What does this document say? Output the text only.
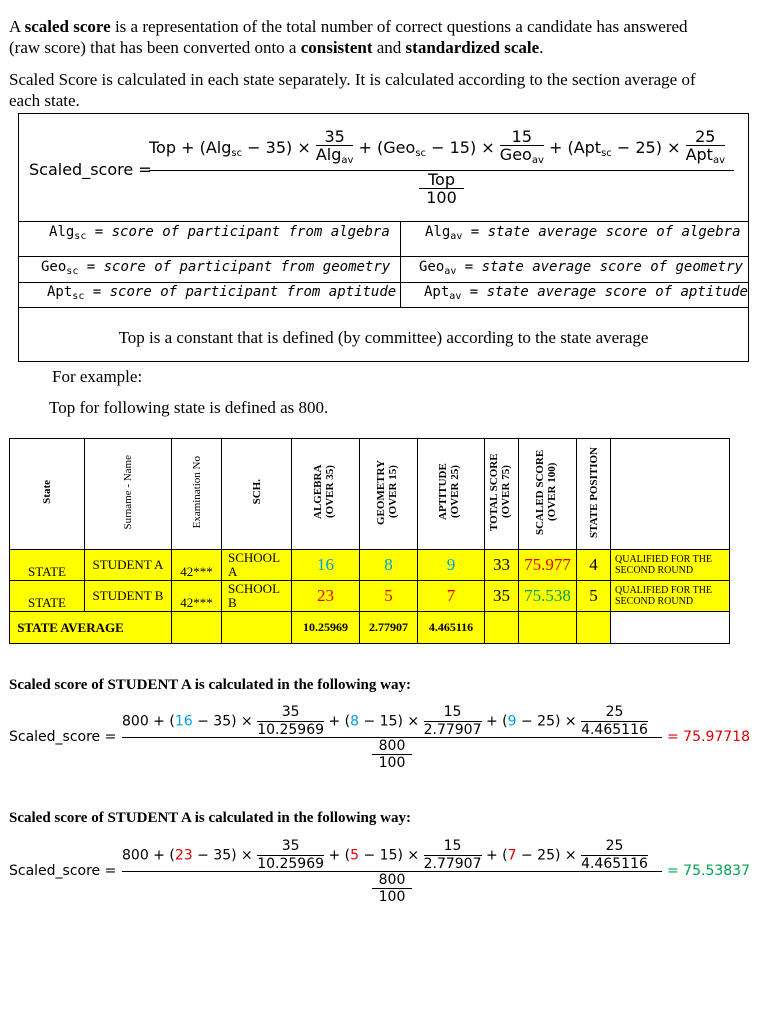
A scaled score is a representation of the total number of correct questions a candidate has answered
(raw score) that has been converted onto a consistent and standardized scale.
Scaled Score is calculated in each state separately. It is calculated according to the section average of
each state.
Scaled_score =
Top + $(Alg_{sc} - 35) \times \frac{35}{Alg_{av}} + (Geo_{sc} - 15) \times \frac{15}{Geo_{av}} + (Apt_{sc} - 25) \times \frac{25}{Apt_{av}}$
Top
100
Alg$_{sc}$ = score of participant from algebra	Alg$_{av}$ = state average score of algebra
Geo$_{sc}$ = score of participant from geometry Geo$_{av}$ = state average score of geometry
Apt$_{sc}$ = score of participant from aptitude Apt$_{av}$ = state average score of aptitude
Top is a constant that is defined (by committee) according to the state average
For example:
Top for following state is defined as 800.
State	Surname - Name	Examination No	SCH.	ALGEBRA (OVER 35)	GEOMETRY (OVER 15)	APTITUDE (OVER 25)	TOTAL SCORE (OVER 75)	SCALED SCORE (OVER 100)	STATE POSITION	
STATE	STUDENT A	42***	SCHOOL A	16	8	9	33	75.977	4	QUALIFIED FOR THE SECOND ROUND
STATE	STUDENT B	42***	SCHOOL B	23	5	7	35	75.538	5	QUALIFIED FOR THE SECOND ROUND
STATE AVERAGE				10.25969	2.77907	4.465116				
Scaled score of STUDENT A is calculated in the following way:
Scaled_score =
$800 + (16 - 35) \times \frac{35}{10.25969} + (8 - 15) \times \frac{15}{2.77907} + (9 - 25) \times \frac{25}{4.465116} = 75.97718$
$\frac{800}{100}$
Scaled score of STUDENT A is calculated in the following way:
Scaled_score =
$800 + (23 - 35) \times \frac{35}{10.25969} + (5 - 15) \times \frac{15}{2.77907} + (7 - 25) \times \frac{25}{4.465116} = 75.53837$
$\frac{800}{100}$
